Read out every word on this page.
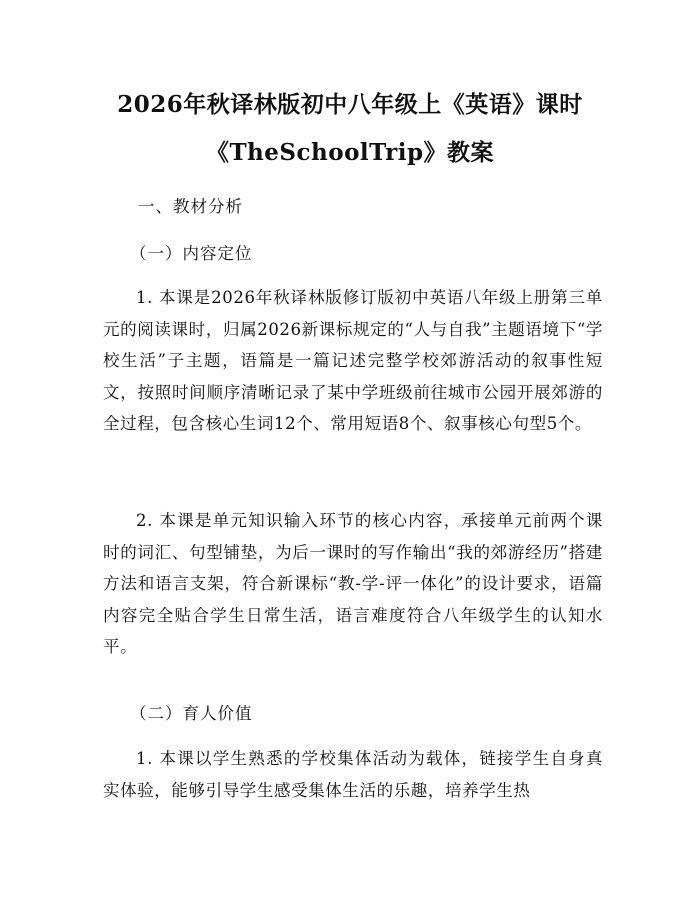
2026年秋译林版初中八年级上《英语》课时
《TheSchoolTrip》教案
一、教材分析
（一）内容定位
1. 本课是2026年秋译林版修订版初中英语八年级上册第三单元的阅读课时，归属2026新课标规定的“人与自我”主题语境下“学校生活”子主题，语篇是一篇记述完整学校郊游活动的叙事性短文，按照时间顺序清晰记录了某中学班级前往城市公园开展郊游的全过程，包含核心生词12个、常用短语8个、叙事核心句型5个。
2. 本课是单元知识输入环节的核心内容，承接单元前两个课时的词汇、句型铺垫，为后一课时的写作输出“我的郊游经历”搭建方法和语言支架，符合新课标“教-学-评一体化”的设计要求，语篇内容完全贴合学生日常生活，语言难度符合八年级学生的认知水平。
（二）育人价值
1. 本课以学生熟悉的学校集体活动为载体，链接学生自身真实体验，能够引导学生感受集体生活的乐趣，培养学生热
